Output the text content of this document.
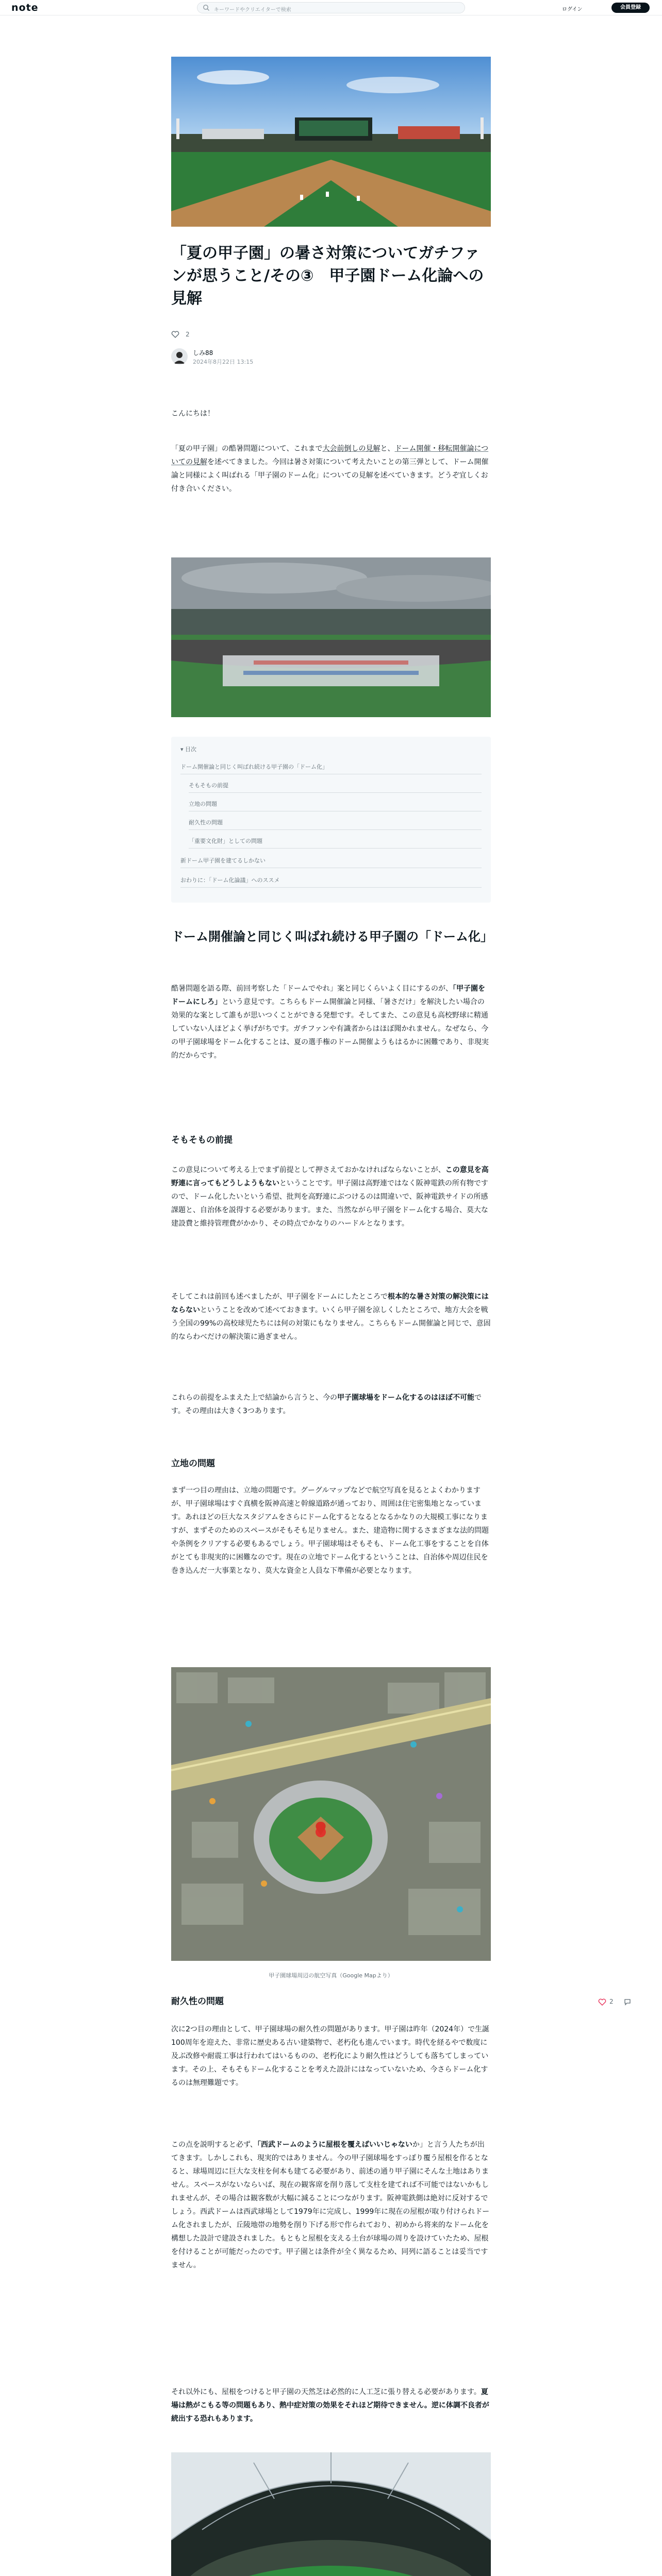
note	キーワードやクリエイターで検索	ログイン	会員登録
「夏の甲子園」の暑さ対策についてガチファンが思うこと/その③　甲子園ドーム化論への見解
2
しみ88
2024年8月22日 13:15

こんにちは！

「夏の甲子園」の酷暑問題について、これまで大会前倒しの見解と、ドーム開催・移転開催論についての見解を述べてきました。今回は暑さ対策について考えたいことの第三弾として、ドーム開催論と同様によく叫ばれる「甲子園のドーム化」についての見解を述べていきます。どうぞ宜しくお付き合いください。

▾ 目次
ドーム開催論と同じく叫ばれ続ける甲子園の「ドーム化」
そもそもの前提
立地の問題
耐久性の問題
「重要文化財」としての問題
新ドーム甲子園を建てるしかない
おわりに：「ドーム化論議」へのススメ
ドーム開催論と同じく叫ばれ続ける甲子園の「ドーム化」

酷暑問題を語る際、前回考察した「ドームでやれ」案と同じくらいよく目にするのが、「甲子園をドームにしろ」という意見です。こちらもドーム開催論と同様、「暑さだけ」を解決したい場合の効果的な案として誰もが思いつくことができる発想です。そしてまた、この意見も高校野球に精通していない人ほどよく挙げがちです。ガチファンや有識者からはほぼ聞かれません。なぜなら、今の甲子園球場をドーム化することは、夏の選手権のドーム開催ようもはるかに困難であり、非現実的だからです。

そもそもの前提

この意見について考える上でまず前提として押さえておかなければならないことが、この意見を高野連に言ってもどうしようもないということです。甲子園は高野連ではなく阪神電鉄の所有物ですので、ドーム化したいという希望、批判を高野連にぶつけるのは間違いで、阪神電鉄サイドの所感課題と、自治体を説得する必要があります。また、当然ながら甲子園をドーム化する場合、莫大な建設費と維持管理費がかかり、その時点でかなりのハードルとなります。

そしてこれは前回も述べましたが、甲子園をドームにしたところで根本的な暑さ対策の解決策にはならないということを改めて述べておきます。いくら甲子園を涼しくしたところで、地方大会を戦う全国の99%の高校球児たちには何の対策にもなりません。こちらもドーム開催論と同じで、意固的ならわべだけの解決策に過ぎません。

これらの前提をふまえた上で結論から言うと、今の甲子園球場をドーム化するのはほぼ不可能です。その理由は大きく3つあります。

立地の問題

まず一つ目の理由は、立地の問題です。グーグルマップなどで航空写真を見るとよくわかりますが、甲子園球場はすぐ真横を阪神高速と幹線道路が通っており、周囲は住宅密集地となっています。あれほどの巨大なスタジアムをさらにドーム化するとなるとなるかなりの大規模工事になりますが、まずそのためのスペースがそもそも足りません。また、建造物に関するさまざまな法的問題や条例をクリアする必要もあるでしょう。甲子園球場はそもそも、ドーム化工事をすることを自体がとても非現実的に困難なのです。現在の立地でドーム化するということは、自治体や周辺住民を巻き込んだ一大事業となり、莫大な資金と人員な下準備が必要となります。

甲子園球場周辺の航空写真（Google Mapより）
耐久性の問題	2

次に2つ目の理由として、甲子園球場の耐久性の問題があります。甲子園は昨年（2024年）で生誕100周年を迎えた、非常に歴史ある古い建築物で、老朽化も進んでいます。時代を経るやで数度に及ぶ改修や耐震工事は行われてはいるものの、老朽化により耐久性はどうしても落ちてしまっています。その上、そもそもドーム化することを考えた設計にはなっていないため、今さらドーム化するのは無理難題です。

この点を説明すると必ず、「西武ドームのように屋根を覆えばいいじゃないか」と言う人たちが出てきます。しかしこれも、現実的ではありません。今の甲子園球場をすっぽり覆う屋根を作るとなると、球場周辺に巨大な支柱を何本も建てる必要があり、前述の通り甲子園にそんな土地はありません。スペースがないならいば、現在の観客席を削り落して支柱を建てれば不可能ではないかもしれませんが、その場合は観客数が大幅に減ることにつながります。阪神電鉄側は絶対に反対するでしょう。西武ドームは西武球場として1979年に完成し、1999年に現在の屋根が取り付けられドーム化されましたが、丘陵地帯の地勢を削り下げる形で作られており、初めから将来的なドーム化を構想した設計で建設されました。もともと屋根を支える土台が球場の周りを設けていたため、屋根を付けることが可能だったのです。甲子園とは条件が全く異なるため、同列に語ることは妥当ですません。

それ以外にも、屋根をつけると甲子園の天然芝は必然的に人工芝に張り替える必要があります。夏場は熱がこもる等の問題もあり、熱中症対策の効果をそれほど期待できません。逆に体調不良者が続出する恐れもあります。
